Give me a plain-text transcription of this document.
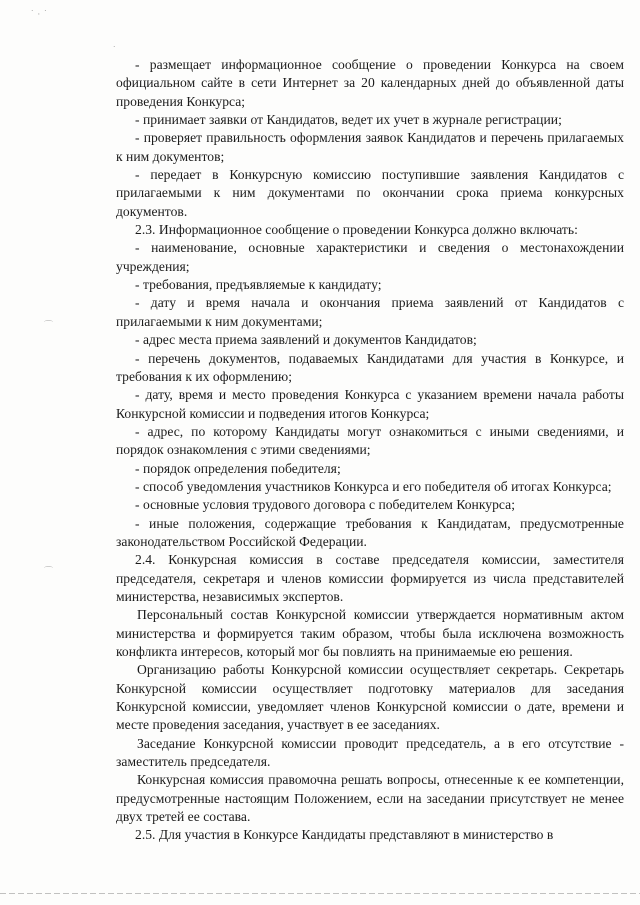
˙ · ˙
˙
⌒
⌒

- размещает информационное сообщение о проведении Конкурса на своем официальном сайте в сети Интернет за 20 календарных дней до объявленной даты проведения Конкурса;

- принимает заявки от Кандидатов, ведет их учет в журнале регистрации;

- проверяет правильность оформления заявок Кандидатов и перечень прилагаемых к ним документов;

- передает в Конкурсную комиссию поступившие заявления Кандидатов с прилагаемыми к ним документами по окончании срока приема конкурсных документов.

2.3. Информационное сообщение о проведении Конкурса должно включать:

- наименование, основные характеристики и сведения о местонахождении учреждения;

- требования, предъявляемые к кандидату;

- дату и время начала и окончания приема заявлений от Кандидатов с прилагаемыми к ним документами;

- адрес места приема заявлений и документов Кандидатов;

- перечень документов, подаваемых Кандидатами для участия в Конкурсе, и требования к их оформлению;

- дату, время и место проведения Конкурса с указанием времени начала работы Конкурсной комиссии и подведения итогов Конкурса;

- адрес, по которому Кандидаты могут ознакомиться с иными сведениями, и порядок ознакомления с этими сведениями;

- порядок определения победителя;

- способ уведомления участников Конкурса и его победителя об итогах Конкурса;

- основные условия трудового договора с победителем Конкурса;

- иные положения, содержащие требования к Кандидатам, предусмотренные законодательством Российской Федерации.

2.4. Конкурсная комиссия в составе председателя комиссии, заместителя председателя, секретаря и членов комиссии формируется из числа представителей министерства, независимых экспертов.

Персональный состав Конкурсной комиссии утверждается нормативным актом министерства и формируется таким образом, чтобы была исключена возможность конфликта интересов, который мог бы повлиять на принимаемые ею решения.

Организацию работы Конкурсной комиссии осуществляет секретарь. Секретарь Конкурсной комиссии осуществляет подготовку материалов для заседания Конкурсной комиссии, уведомляет членов Конкурсной комиссии о дате, времени и месте проведения заседания, участвует в ее заседаниях.

Заседание Конкурсной комиссии проводит председатель, а в его отсутствие - заместитель председателя.

Конкурсная комиссия правомочна решать вопросы, отнесенные к ее компетенции, предусмотренные настоящим Положением, если на заседании присутствует не менее двух третей ее состава.

2.5. Для участия в Конкурсе Кандидаты представляют в министерство в
